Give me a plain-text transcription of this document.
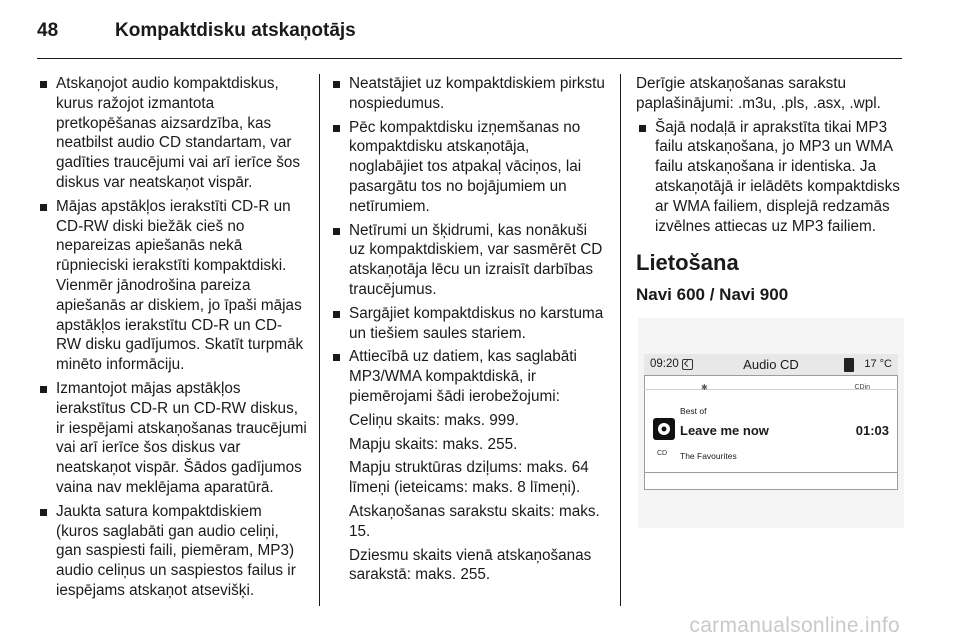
48	Kompaktdisku atskaņotājs

Atskaņojot audio kompaktdiskus, kurus ražojot izmantota pretkopēšanas aizsardzība, kas neatbilst audio CD standartam, var gadīties traucējumi vai arī ierīce šos diskus var neatskaņot vispār.

Mājas apstākļos ierakstīti CD-R un CD-RW diski biežāk cieš no nepareizas apiešanās nekā rūpnieciski ierakstīti kompaktdiski. Vienmēr jānodrošina pareiza apiešanās ar diskiem, jo īpaši mājas apstākļos ierakstītu CD-R un CD-RW disku gadījumos. Skatīt turpmāk minēto informāciju.

Izmantojot mājas apstākļos ierakstītus CD-R un CD-RW diskus, ir iespējami atskaņošanas traucējumi vai arī ierīce šos diskus var neatskaņot vispār. Šādos gadījumos vaina nav meklējama aparatūrā.

Jaukta satura kompaktdiskiem (kuros saglabāti gan audio celiņi, gan saspiesti faili, piemēram, MP3) audio celiņus un saspiestos failus ir iespējams atskaņot atsevišķi.

Neatstājiet uz kompaktdiskiem pirkstu nospiedumus.

Pēc kompaktdisku izņemšanas no kompaktdisku atskaņotāja, noglabājiet tos atpakaļ vāciņos, lai pasargātu tos no bojājumiem un netīrumiem.

Netīrumi un šķidrumi, kas nonākuši uz kompaktdiskiem, var sasmērēt CD atskaņotāja lēcu un izraisīt darbības traucējumus.

Sargājiet kompaktdiskus no karstuma un tiešiem saules stariem.

Attiecībā uz datiem, kas saglabāti MP3/WMA kompaktdiskā, ir piemērojami šādi ierobežojumi:

Celiņu skaits: maks. 999.

Mapju skaits: maks. 255.

Mapju struktūras dziļums: maks. 64 līmeņi (ieteicams: maks. 8 līmeņi).

Atskaņošanas sarakstu skaits: maks. 15.

Dziesmu skaits vienā atskaņošanas sarakstā: maks. 255.

Derīgie atskaņošanas sarakstu paplašinājumi: .m3u, .pls, .asx, .wpl.

Šajā nodaļā ir aprakstīta tikai MP3 failu atskaņošana, jo MP3 un WMA failu atskaņošana ir identiska. Ja atskaņotājā ir ielādēts kompaktdisks ar WMA failiem, displejā redzamās izvēlnes attiecas uz MP3 failiem.

Lietošana
Navi 600 / Navi 900
09:20	Audio CD	17 °C
✱	CDin
Best of
Leave me now	01:03
CD The Favourites
carmanualsonline.info
